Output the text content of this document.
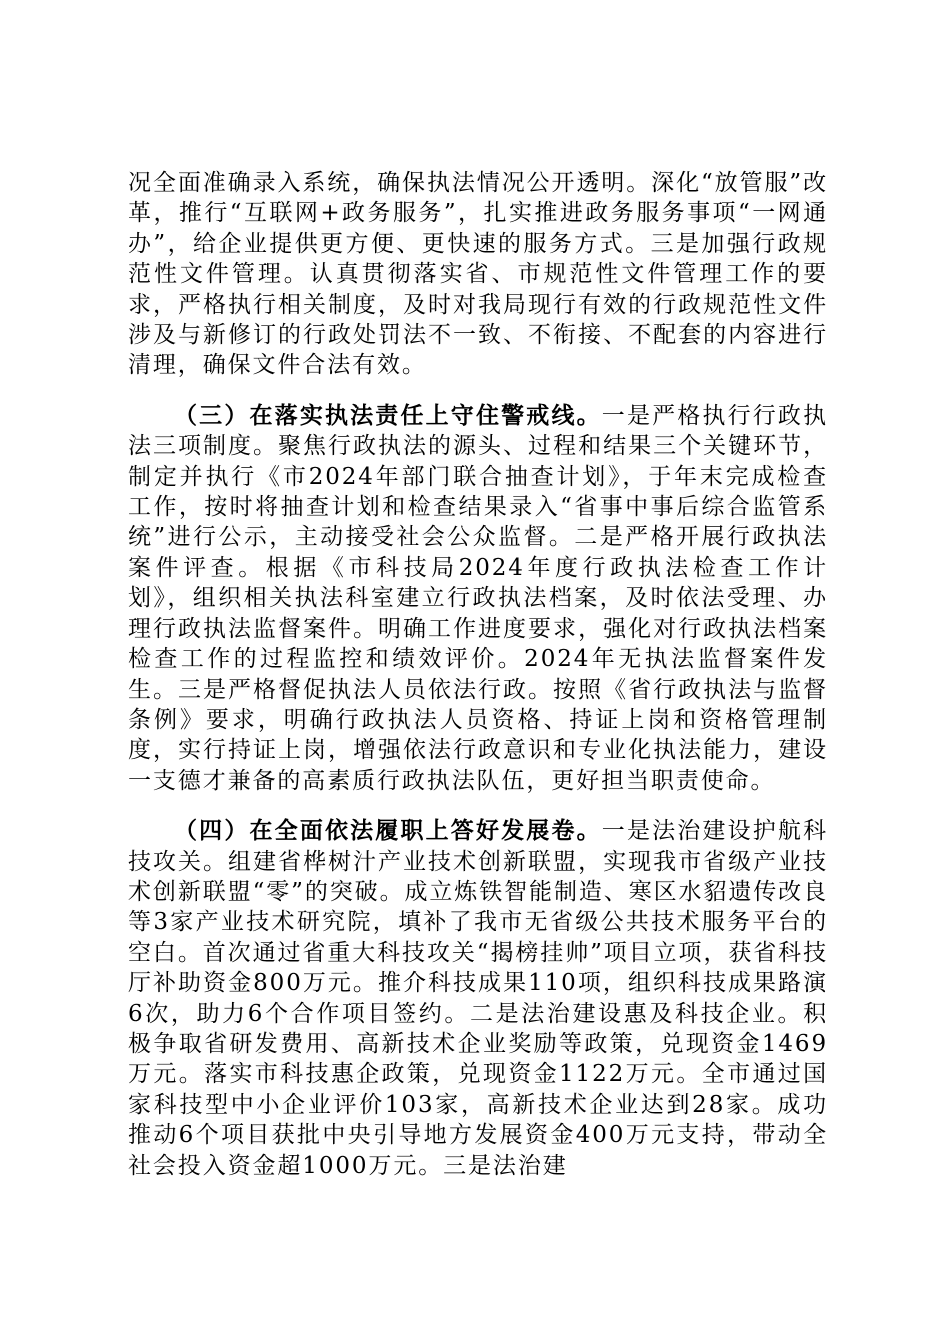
况全面准确录入系统，确保执法情况公开透明。深化“放管服”改革，推行“互联网+政务服务”，扎实推进政务服务事项“一网通办”，给企业提供更方便、更快速的服务方式。三是加强行政规范性文件管理。认真贯彻落实省、市规范性文件管理工作的要求，严格执行相关制度，及时对我局现行有效的行政规范性文件涉及与新修订的行政处罚法不一致、不衔接、不配套的内容进行清理，确保文件合法有效。

（三）在落实执法责任上守住警戒线。一是严格执行行政执法三项制度。聚焦行政执法的源头、过程和结果三个关键环节，制定并执行《市2024年部门联合抽查计划》，于年末完成检查工作，按时将抽查计划和检查结果录入“省事中事后综合监管系统”进行公示，主动接受社会公众监督。二是严格开展行政执法案件评查。根据《市科技局2024年度行政执法检查工作计划》，组织相关执法科室建立行政执法档案，及时依法受理、办理行政执法监督案件。明确工作进度要求，强化对行政执法档案检查工作的过程监控和绩效评价。2024年无执法监督案件发生。三是严格督促执法人员依法行政。按照《省行政执法与监督条例》要求，明确行政执法人员资格、持证上岗和资格管理制度，实行持证上岗，增强依法行政意识和专业化执法能力，建设一支德才兼备的高素质行政执法队伍，更好担当职责使命。

（四）在全面依法履职上答好发展卷。一是法治建设护航科技攻关。组建省桦树汁产业技术创新联盟，实现我市省级产业技术创新联盟“零”的突破。成立炼铁智能制造、寒区水貂遗传改良等3家产业技术研究院，填补了我市无省级公共技术服务平台的空白。首次通过省重大科技攻关“揭榜挂帅”项目立项，获省科技厅补助资金800万元。推介科技成果110项，组织科技成果路演6次，助力6个合作项目签约。二是法治建设惠及科技企业。积极争取省研发费用、高新技术企业奖励等政策，兑现资金1469万元。落实市科技惠企政策，兑现资金1122万元。全市通过国家科技型中小企业评价103家，高新技术企业达到28家。成功推动6个项目获批中央引导地方发展资金400万元支持，带动全社会投入资金超1000万元。三是法治建
